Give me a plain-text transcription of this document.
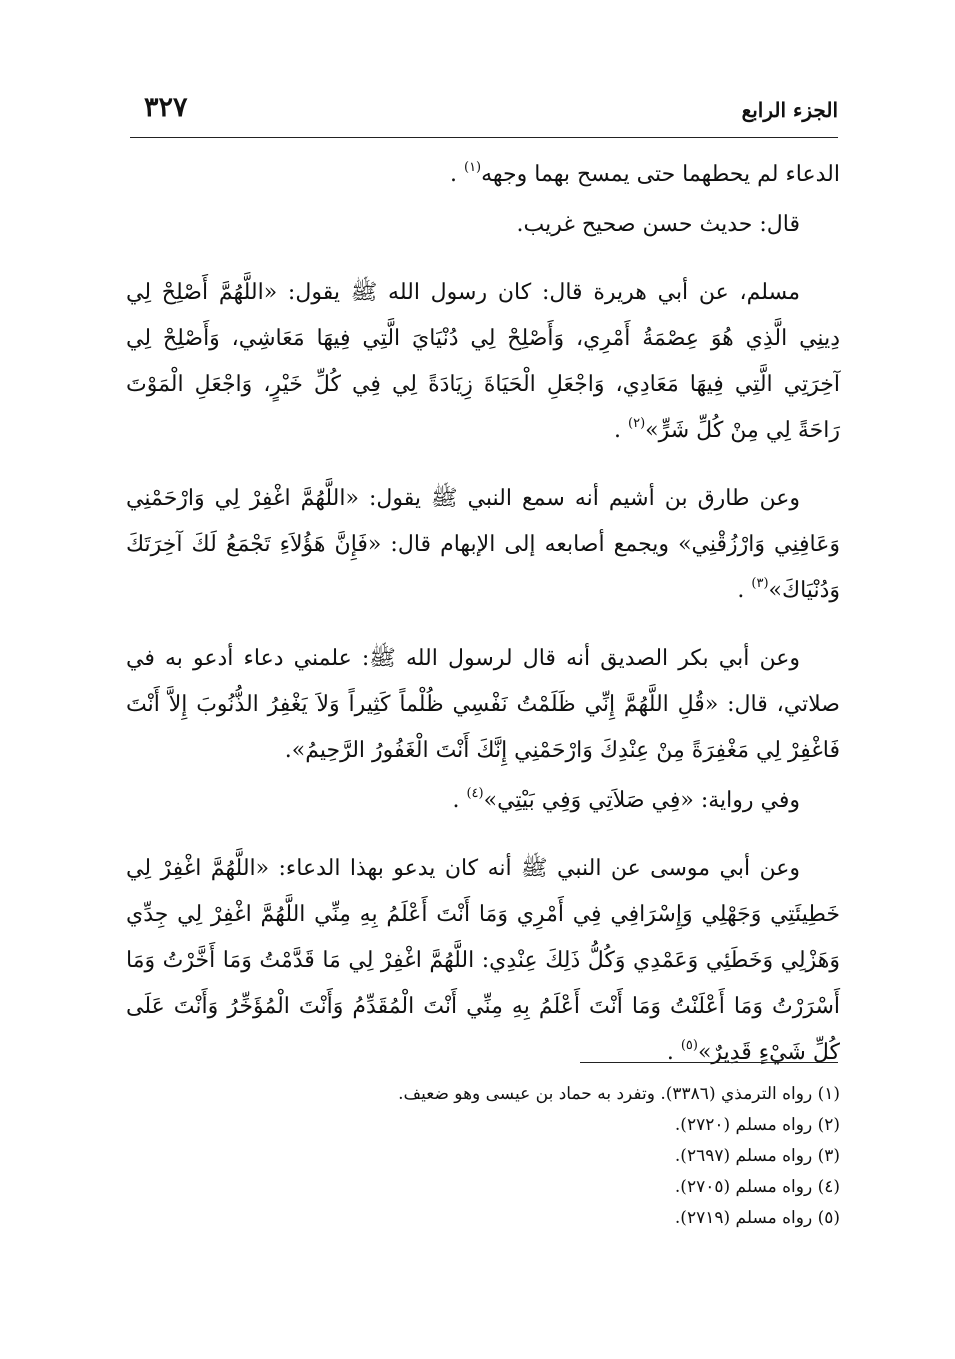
الجزء الرابع
٣٢٧

الدعاء لم يحطهما حتى يمسح بهما وجهه$^{(١)}$ .

قال: حديث حسن صحيح غريب.

مسلم، عن أبي هريرة قال: كان رسول الله ﷺ يقول: «اللَّهُمَّ أَصْلِحْ لِي دِينِي الَّذِي هُوَ عِصْمَةُ أَمْرِي، وَأَصْلِحْ لِي دُنْيَايَ الَّتِي فِيهَا مَعَاشِي، وَأَصْلِحْ لِي آخِرَتِي الَّتِي فِيهَا مَعَادِي، وَاجْعَلِ الْحَيَاةَ زِيَادَةً لِي فِي كُلِّ خَيْرٍ، وَاجْعَلِ الْمَوْتَ رَاحَةً لِي مِنْ كُلِّ شَرٍّ»$^{(٢)}$ .

وعن طارق بن أشيم أنه سمع النبي ﷺ يقول: «اللَّهُمَّ اغْفِرْ لِي وَارْحَمْنِي وَعَافِنِي وَارْزُقْنِي» ويجمع أصابعه إلى الإبهام قال: «فَإِنَّ هَؤُلاَءِ تَجْمَعُ لَكَ آخِرَتَكَ وَدُنْيَاكَ»$^{(٣)}$ .

وعن أبي بكر الصديق أنه قال لرسول الله ﷺ: علمني دعاء أدعو به في صلاتي، قال: «قُلِ اللَّهُمَّ إِنِّي ظَلَمْتُ نَفْسِي ظُلْماً كَثِيراً وَلاَ يَغْفِرُ الذُّنُوبَ إِلاَّ أَنْتَ فَاغْفِرْ لِي مَغْفِرَةً مِنْ عِنْدِكَ وَارْحَمْنِي إِنَّكَ أَنْتَ الْغَفُورُ الرَّحِيمُ».

وفي رواية: «فِي صَلاَتِي وَفِي بَيْتِي»$^{(٤)}$ .

وعن أبي موسى عن النبي ﷺ أنه كان يدعو بهذا الدعاء: «اللَّهُمَّ اغْفِرْ لِي خَطِيئَتِي وَجَهْلِي وَإِسْرَافِي فِي أَمْرِي وَمَا أَنْتَ أَعْلَمُ بِهِ مِنِّي اللَّهُمَّ اغْفِرْ لِي جِدِّي وَهَزْلِي وَخَطَئِي وَعَمْدِي وَكُلُّ ذَلِكَ عِنْدِي: اللَّهُمَّ اغْفِرْ لِي مَا قَدَّمْتُ وَمَا أَخَّرْتُ وَمَا أَسْرَرْتُ وَمَا أَعْلَنْتُ وَمَا أَنْتَ أَعْلَمُ بِهِ مِنِّي أَنْتَ الْمُقَدِّمُ وَأَنْتَ الْمُؤَخِّرُ وَأَنْتَ عَلَى كُلِّ شَيْءٍ قَدِيرٌ»$^{(٥)}$ .

(١) رواه الترمذي (٣٣٨٦). وتفرد به حماد بن عيسى وهو ضعيف.

(٢) رواه مسلم (٢٧٢٠).

(٣) رواه مسلم (٢٦٩٧).

(٤) رواه مسلم (٢٧٠٥).

(٥) رواه مسلم (٢٧١٩).
